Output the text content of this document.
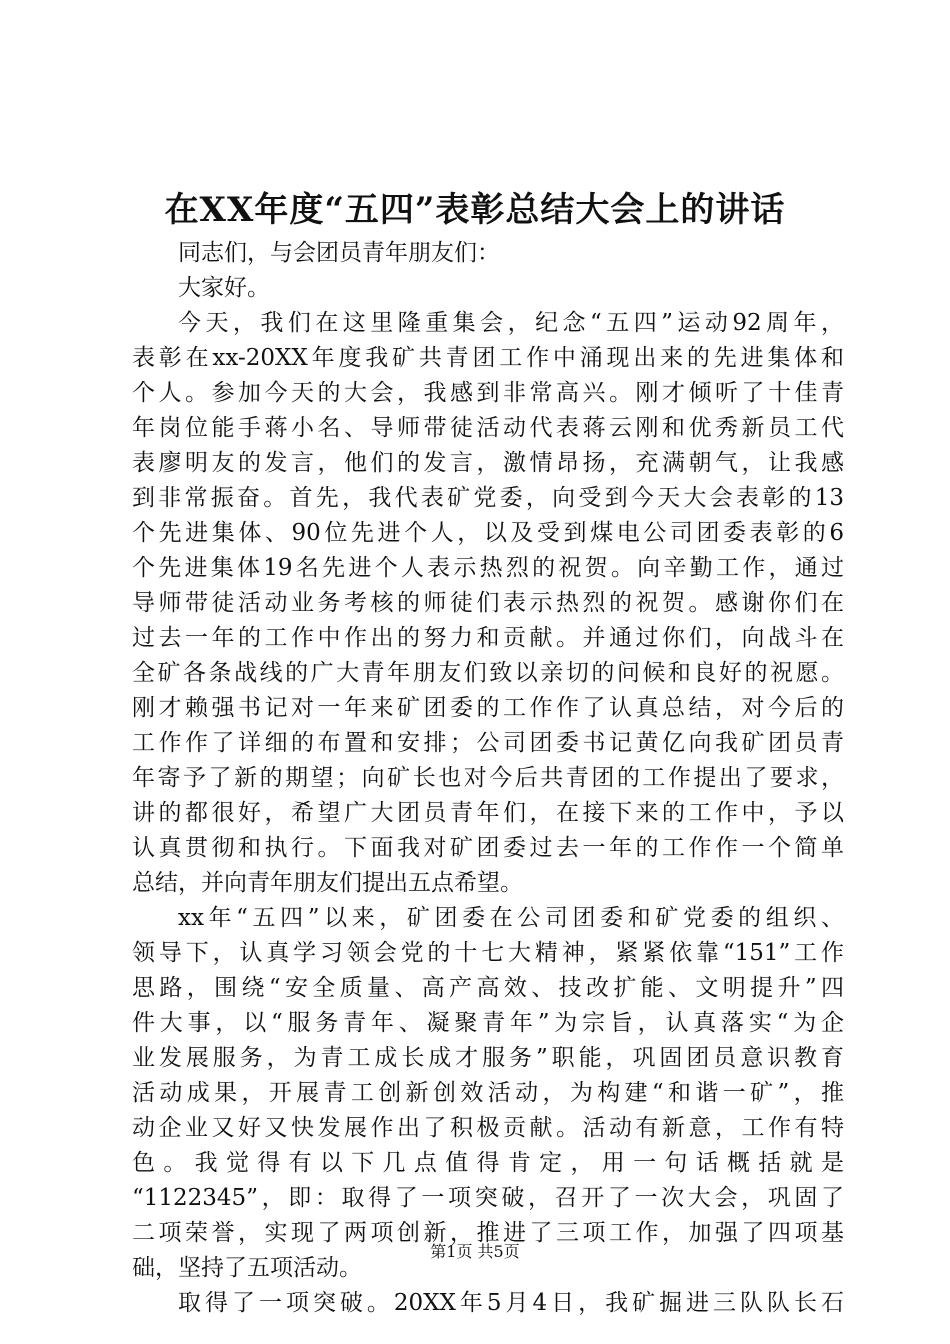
在XX年度“五四”表彰总结大会上的讲话
同志们，与会团员青年朋友们：
大家好。
今天，我们在这里隆重集会，纪念“五四”运动92周年，
表彰在xx-20XX年度我矿共青团工作中涌现出来的先进集体和
个人。参加今天的大会，我感到非常高兴。刚才倾听了十佳青
年岗位能手蒋小名、导师带徒活动代表蒋云刚和优秀新员工代
表廖明友的发言，他们的发言，激情昂扬，充满朝气，让我感
到非常振奋。首先，我代表矿党委，向受到今天大会表彰的13
个先进集体、90位先进个人，以及受到煤电公司团委表彰的6
个先进集体19名先进个人表示热烈的祝贺。向辛勤工作，通过
导师带徒活动业务考核的师徒们表示热烈的祝贺。感谢你们在
过去一年的工作中作出的努力和贡献。并通过你们，向战斗在
全矿各条战线的广大青年朋友们致以亲切的问候和良好的祝愿。
刚才赖强书记对一年来矿团委的工作作了认真总结，对今后的
工作作了详细的布置和安排；公司团委书记黄亿向我矿团员青
年寄予了新的期望；向矿长也对今后共青团的工作提出了要求，
讲的都很好，希望广大团员青年们，在接下来的工作中，予以
认真贯彻和执行。下面我对矿团委过去一年的工作作一个简单
总结，并向青年朋友们提出五点希望。
xx年“五四”以来，矿团委在公司团委和矿党委的组织、
领导下，认真学习领会党的十七大精神，紧紧依靠“151”工作
思路，围绕“安全质量、高产高效、技改扩能、文明提升”四
件大事，以“服务青年、凝聚青年”为宗旨，认真落实“为企
业发展服务，为青工成长成才服务”职能，巩固团员意识教育
活动成果，开展青工创新创效活动，为构建“和谐一矿”，推
动企业又好又快发展作出了积极贡献。活动有新意，工作有特
色。我觉得有以下几点值得肯定，用一句话概括就是
“1122345”，即：取得了一项突破，召开了一次大会，巩固了
二项荣誉，实现了两项创新，推进了三项工作，加强了四项基
础，坚持了五项活动。
取得了一项突破。20XX年5月4日，我矿掘进三队队长石
第1页 共5页
